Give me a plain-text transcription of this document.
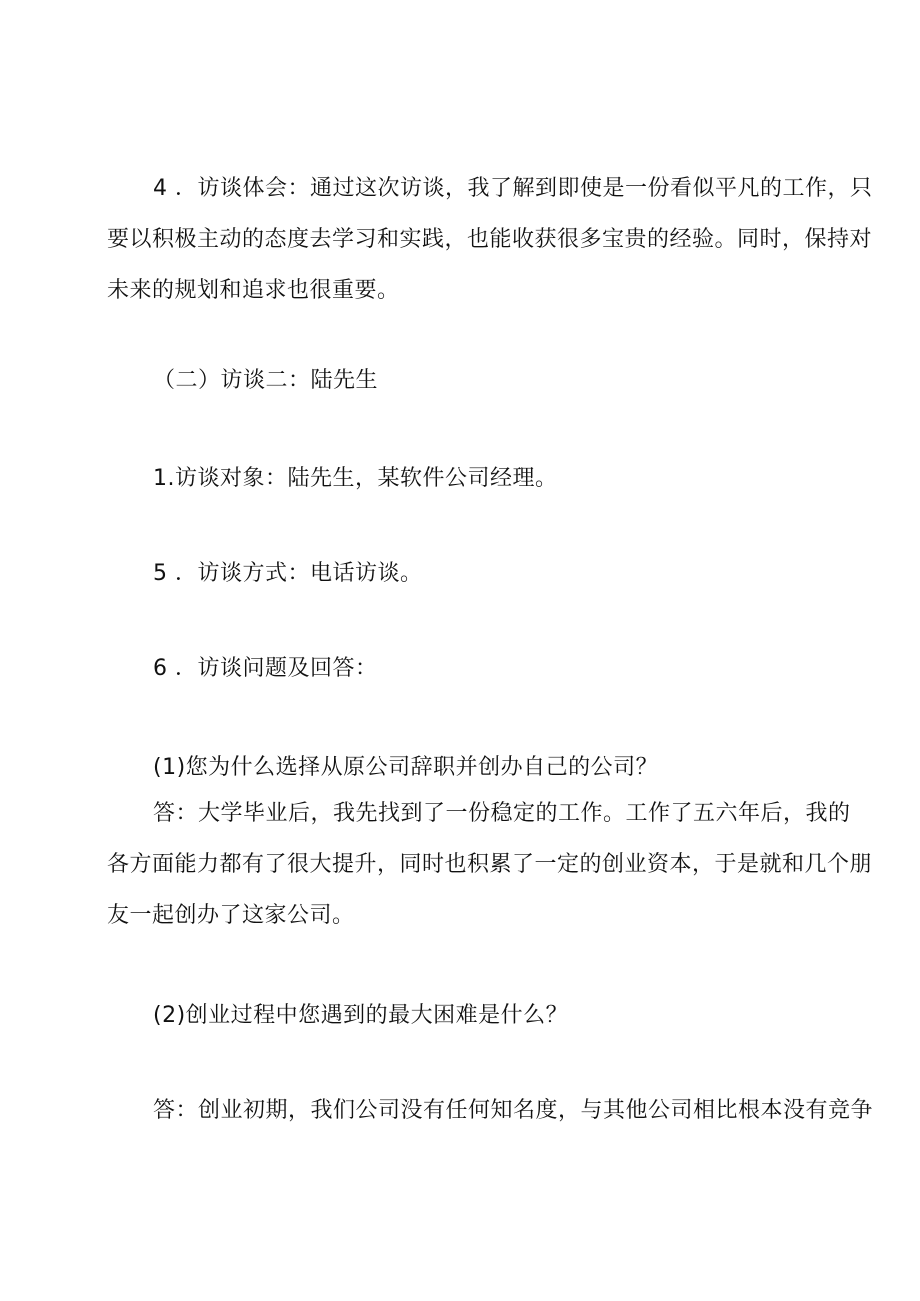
4 ．访谈体会：通过这次访谈，我了解到即使是一份看似平凡的工作，只

要以积极主动的态度去学习和实践，也能收获很多宝贵的经验。同时，保持对

未来的规划和追求也很重要。

（二）访谈二：陆先生

1.访谈对象：陆先生，某软件公司经理。

5 ．访谈方式：电话访谈。

6 ．访谈问题及回答：

(1)您为什么选择从原公司辞职并创办自己的公司？

答：大学毕业后，我先找到了一份稳定的工作。工作了五六年后，我的

各方面能力都有了很大提升，同时也积累了一定的创业资本，于是就和几个朋

友一起创办了这家公司。

(2)创业过程中您遇到的最大困难是什么？

答：创业初期，我们公司没有任何知名度，与其他公司相比根本没有竞争
